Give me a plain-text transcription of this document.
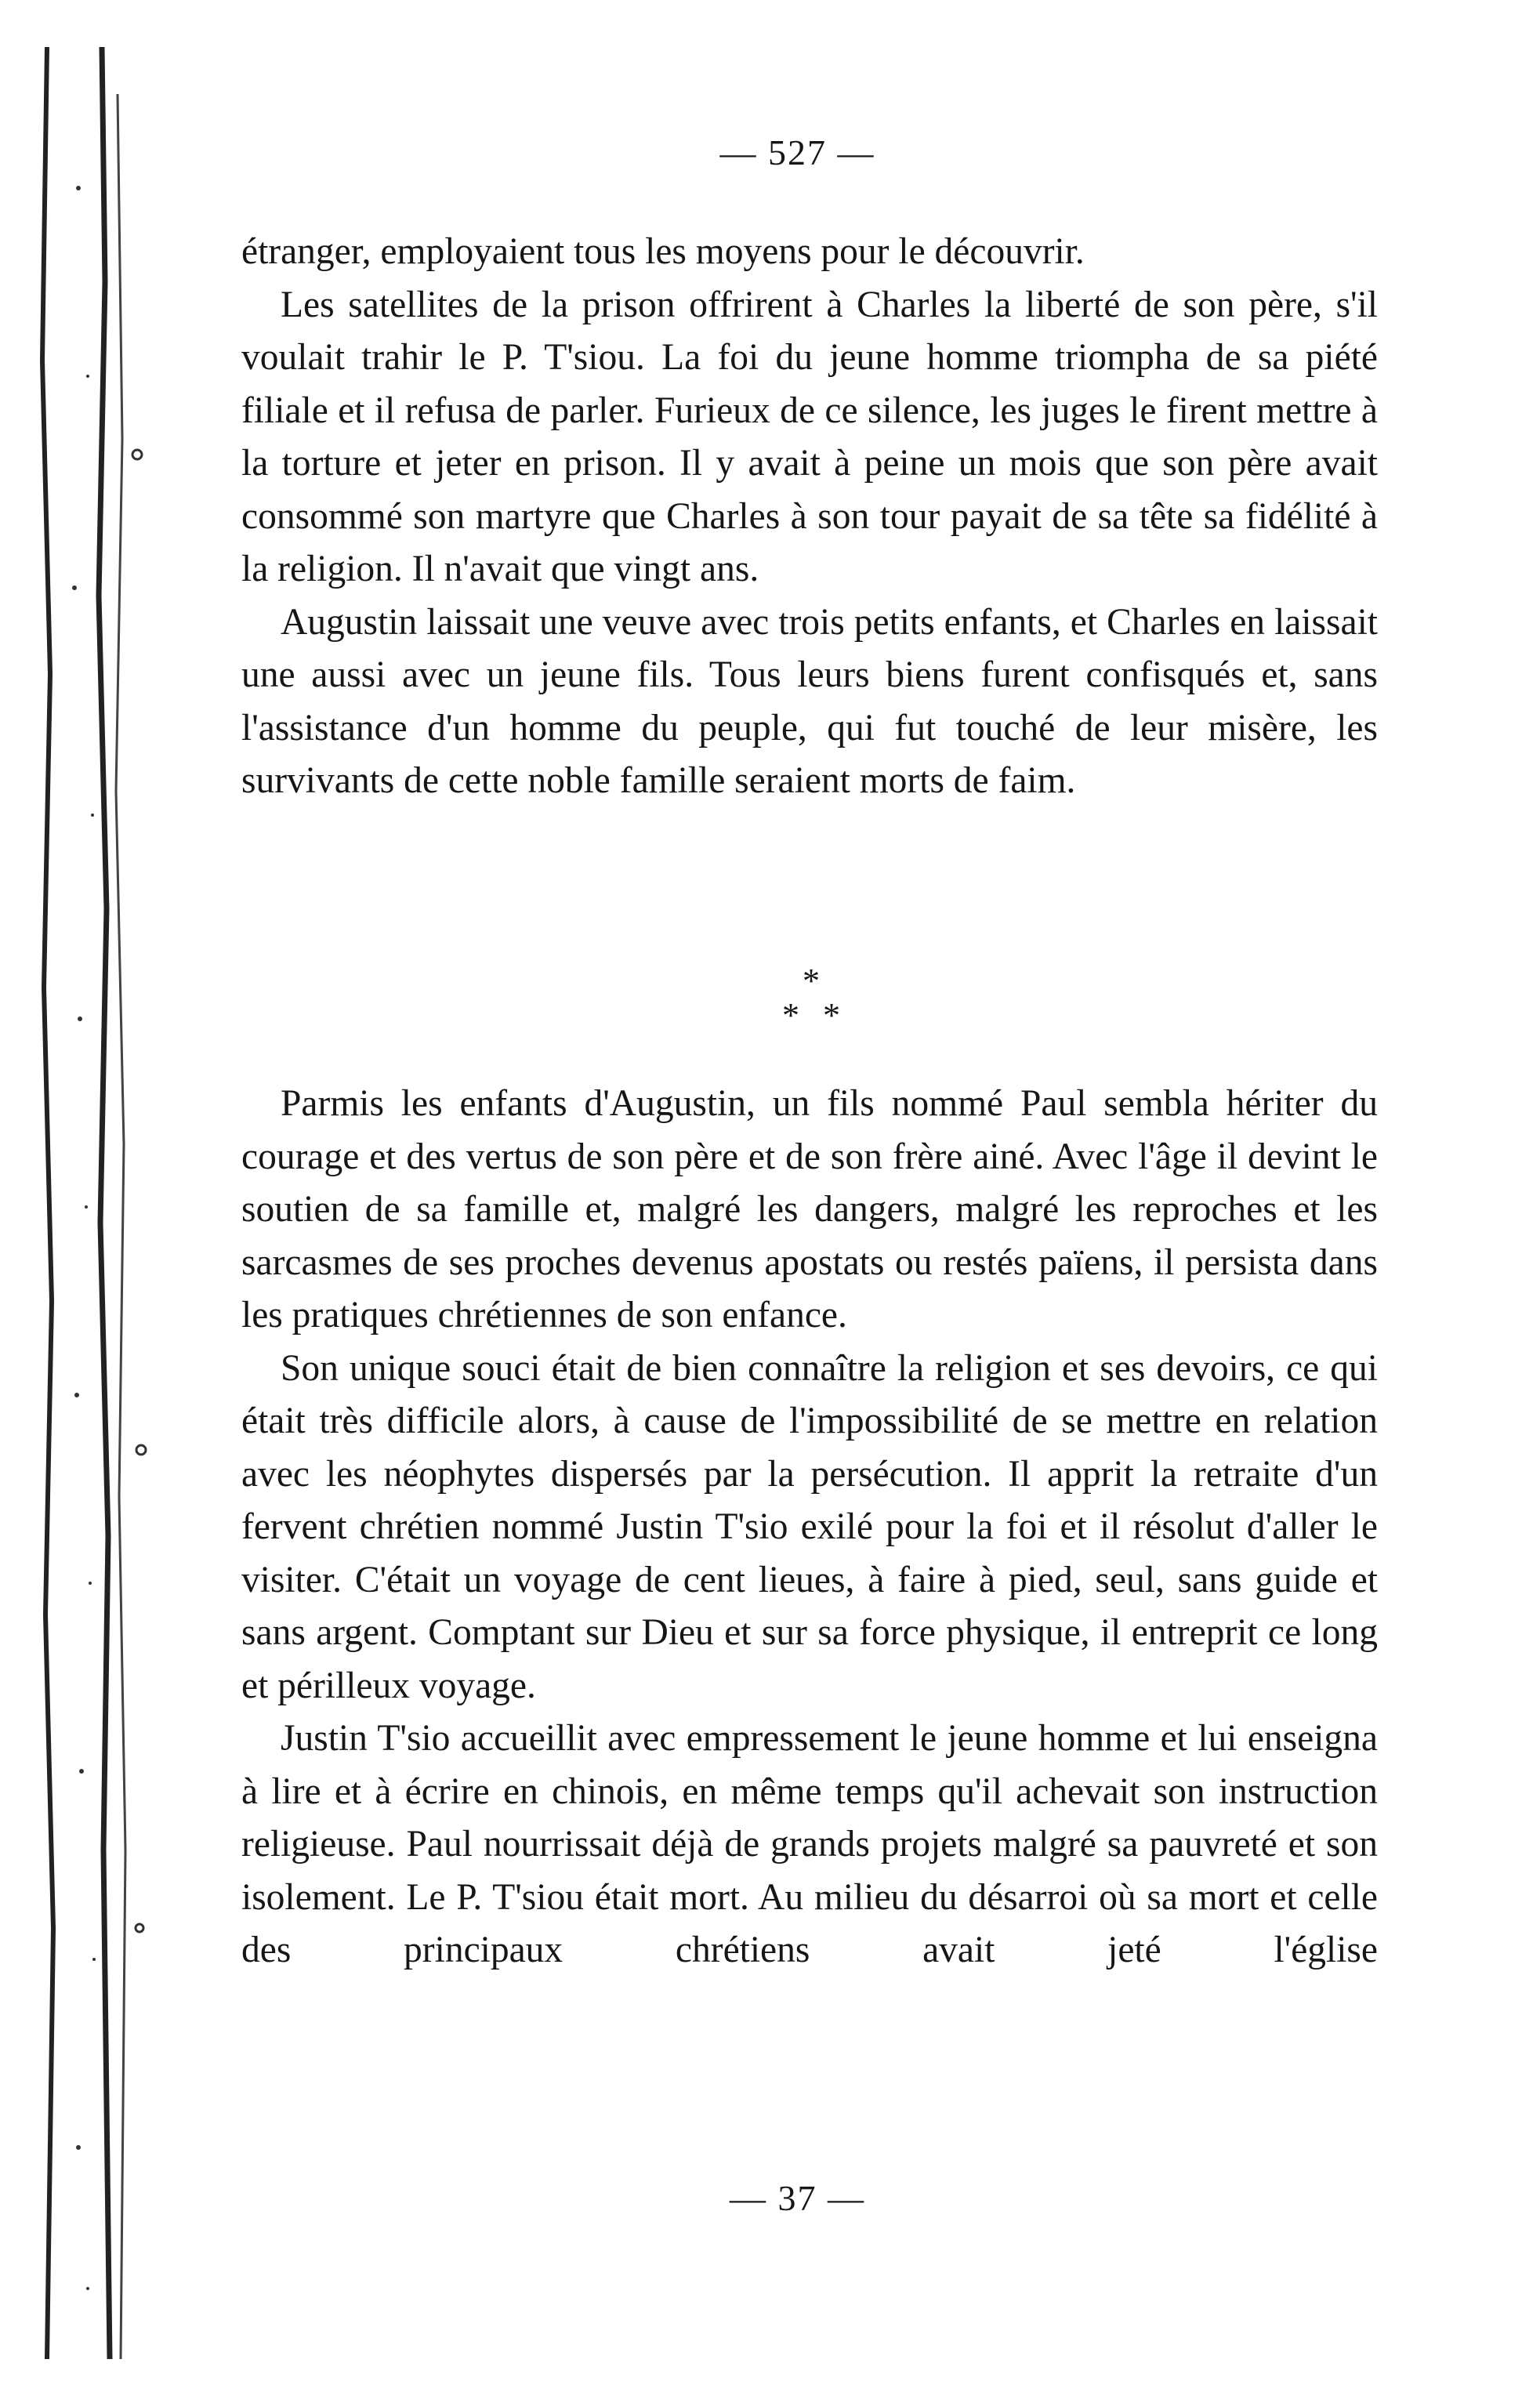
— 527 —

étranger, employaient tous les moyens pour le découvrir.

Les satellites de la prison offrirent à Charles la liberté de son père, s'il voulait trahir le P. T'siou. La foi du jeune homme triompha de sa piété filiale et il refusa de parler. Furieux de ce silence, les juges le firent mettre à la torture et jeter en prison. Il y avait à peine un mois que son père avait consommé son martyre que Charles à son tour payait de sa tête sa fidélité à la religion. Il n'avait que vingt ans.

Augustin laissait une veuve avec trois petits enfants, et Charles en laissait une aussi avec un jeune fils. Tous leurs biens furent confisqués et, sans l'assistance d'un homme du peuple, qui fut touché de leur misère, les survivants de cette noble famille seraient morts de faim.

*
**

Parmis les enfants d'Augustin, un fils nommé Paul sembla hériter du courage et des vertus de son père et de son frère ainé. Avec l'âge il devint le soutien de sa famille et, malgré les dangers, malgré les reproches et les sarcasmes de ses proches devenus apostats ou restés païens, il persista dans les pratiques chrétiennes de son enfance.

Son unique souci était de bien connaître la religion et ses devoirs, ce qui était très difficile alors, à cause de l'impossibilité de se mettre en relation avec les néophytes dispersés par la persécution. Il apprit la retraite d'un fervent chrétien nommé Justin T'sio exilé pour la foi et il résolut d'aller le visiter. C'était un voyage de cent lieues, à faire à pied, seul, sans guide et sans argent. Comptant sur Dieu et sur sa force physique, il entreprit ce long et périlleux voyage.

Justin T'sio accueillit avec empressement le jeune homme et lui enseigna à lire et à écrire en chinois, en même temps qu'il achevait son instruction religieuse. Paul nourrissait déjà de grands projets malgré sa pauvreté et son isolement. Le P. T'siou était mort. Au milieu du désarroi où sa mort et celle des principaux chrétiens avait jeté l'église

— 37 —
